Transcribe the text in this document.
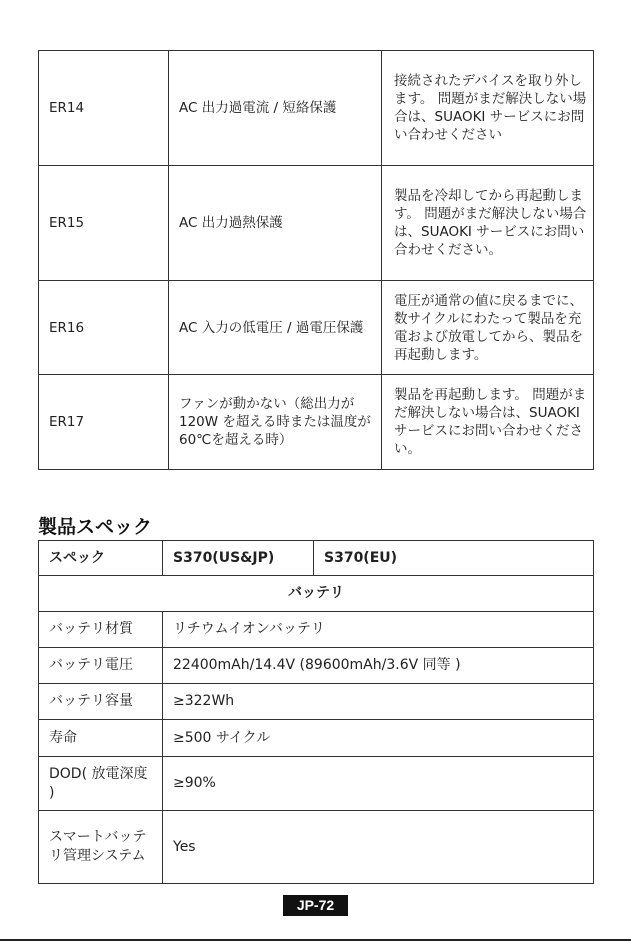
ER14	AC 出力過電流 / 短絡保護	接続されたデバイスを取り外します。 問題がまだ解決しない場合は、SUAOKI サービスにお問い合わせください
ER15	AC 出力過熱保護	製品を冷却してから再起動します。 問題がまだ解決しない場合は、SUAOKI サービスにお問い合わせください。
ER16	AC 入力の低電圧 / 過電圧保護	電圧が通常の値に戻るまでに、数サイクルにわたって製品を充電および放電してから、製品を再起動します。
ER17	ファンが動かない（総出力が 120W を超える時または温度が 60℃を超える時）	製品を再起動します。 問題がまだ解決しない場合は、SUAOKI サービスにお問い合わせください。
製品スペック
スペック	S370(US&JP)	S370(EU)
バッテリ		
バッテリ材質	リチウムイオンバッテリ	
バッテリ電圧	22400mAh/14.4V (89600mAh/3.6V 同等 )	
バッテリ容量	≥322Wh	
寿命	≥500 サイクル	
DOD( 放電深度 )	≥90%	
スマートバッテリ管理システム	Yes	
JP-72
